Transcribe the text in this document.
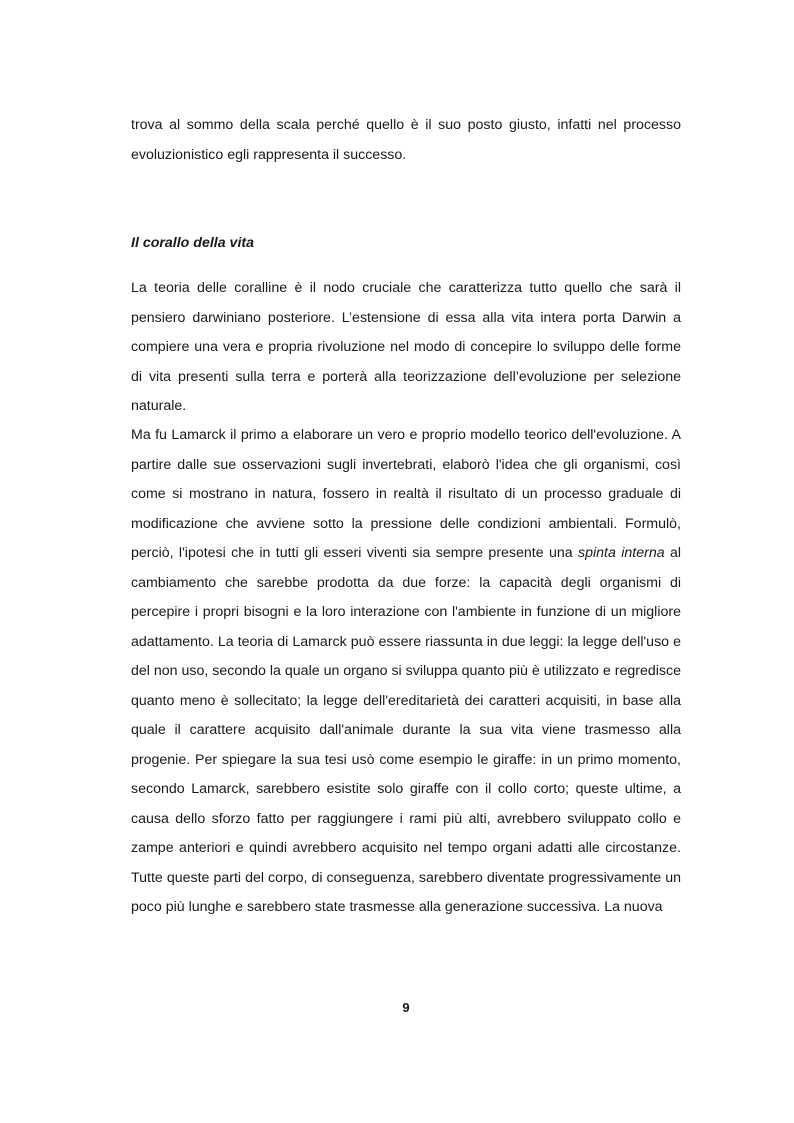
trova al sommo della scala perché quello è il suo posto giusto, infatti nel processo evoluzionistico egli rappresenta il successo.

Il corallo della vita

La teoria delle coralline è il nodo cruciale che caratterizza tutto quello che sarà il pensiero darwiniano posteriore. L’estensione di essa alla vita intera porta Darwin a compiere una vera e propria rivoluzione nel modo di concepire lo sviluppo delle forme di vita presenti sulla terra e porterà alla teorizzazione dell’evoluzione per selezione naturale.

Ma fu Lamarck il primo a elaborare un vero e proprio modello teorico dell'evoluzione. A partire dalle sue osservazioni sugli invertebrati, elaborò l'idea che gli organismi, così come si mostrano in natura, fossero in realtà il risultato di un processo graduale di modificazione che avviene sotto la pressione delle condizioni ambientali. Formulò, perciò, l'ipotesi che in tutti gli esseri viventi sia sempre presente una spinta interna al cambiamento che sarebbe prodotta da due forze: la capacità degli organismi di percepire i propri bisogni e la loro interazione con l'ambiente in funzione di un migliore adattamento. La teoria di Lamarck può essere riassunta in due leggi: la legge dell'uso e del non uso, secondo la quale un organo si sviluppa quanto più è utilizzato e regredisce quanto meno è sollecitato; la legge dell'ereditarietà dei caratteri acquisiti, in base alla quale il carattere acquisito dall'animale durante la sua vita viene trasmesso alla progenie. Per spiegare la sua tesi usò come esempio le giraffe: in un primo momento, secondo Lamarck, sarebbero esistite solo giraffe con il collo corto; queste ultime, a causa dello sforzo fatto per raggiungere i rami più alti, avrebbero sviluppato collo e zampe anteriori e quindi avrebbero acquisito nel tempo organi adatti alle circostanze. Tutte queste parti del corpo, di conseguenza, sarebbero diventate progressivamente un poco più lunghe e sarebbero state trasmesse alla generazione successiva. La nuova

9
